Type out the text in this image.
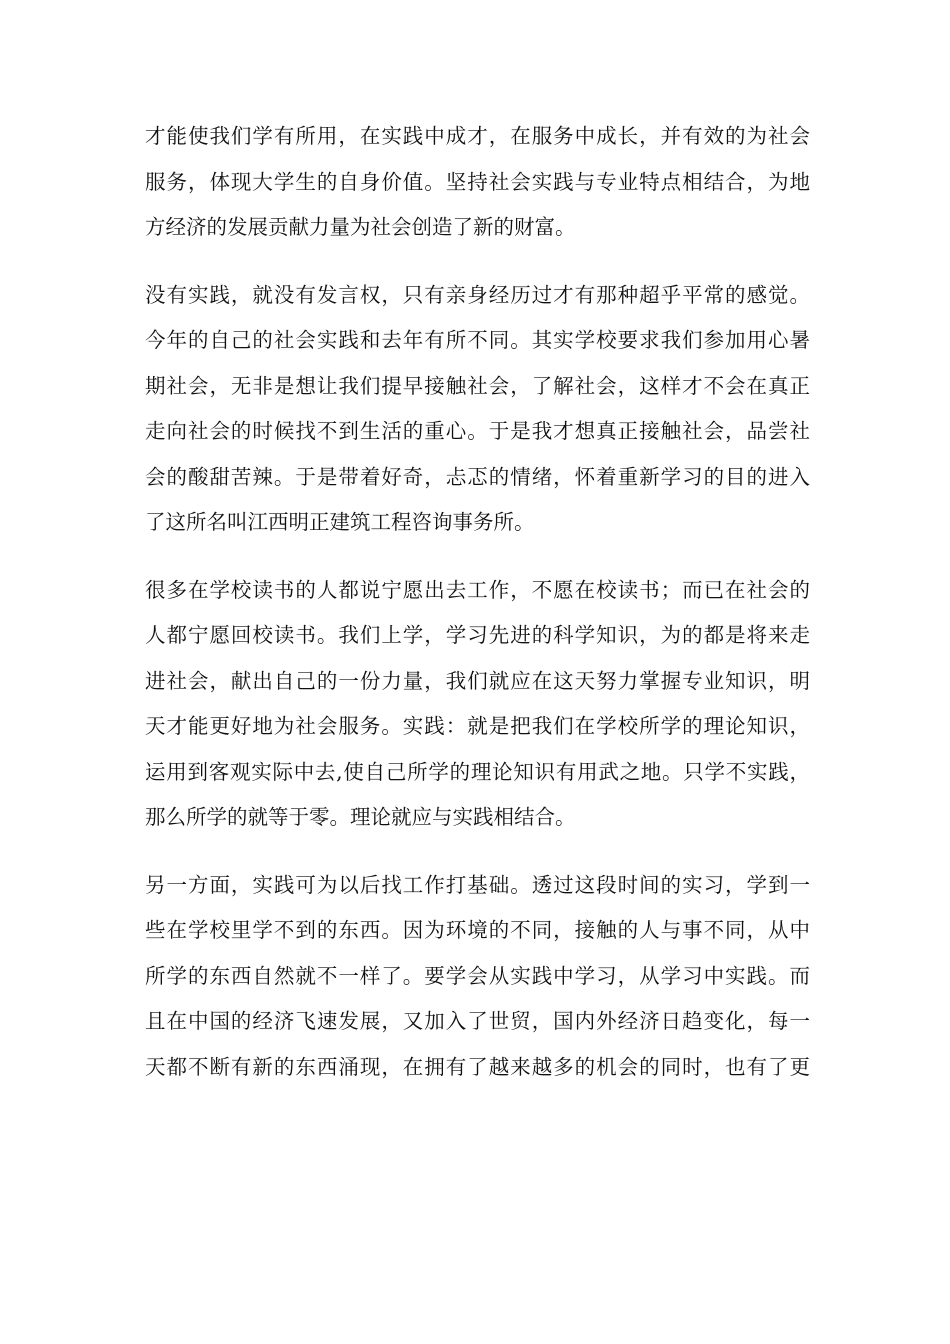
才能使我们学有所用，在实践中成才，在服务中成长，并有效的为社会
服务，体现大学生的自身价值。坚持社会实践与专业特点相结合，为地
方经济的发展贡献力量为社会创造了新的财富。

没有实践，就没有发言权，只有亲身经历过才有那种超乎平常的感觉。
今年的自己的社会实践和去年有所不同。其实学校要求我们参加用心暑
期社会，无非是想让我们提早接触社会，了解社会，这样才不会在真正
走向社会的时候找不到生活的重心。于是我才想真正接触社会，品尝社
会的酸甜苦辣。于是带着好奇，忐忑的情绪，怀着重新学习的目的进入
了这所名叫江西明正建筑工程咨询事务所。

很多在学校读书的人都说宁愿出去工作，不愿在校读书；而已在社会的
人都宁愿回校读书。我们上学，学习先进的科学知识，为的都是将来走
进社会，献出自己的一份力量，我们就应在这天努力掌握专业知识，明
天才能更好地为社会服务。实践：就是把我们在学校所学的理论知识，
运用到客观实际中去,使自己所学的理论知识有用武之地。只学不实践，
那么所学的就等于零。理论就应与实践相结合。

另一方面，实践可为以后找工作打基础。透过这段时间的实习，学到一
些在学校里学不到的东西。因为环境的不同，接触的人与事不同，从中
所学的东西自然就不一样了。要学会从实践中学习，从学习中实践。而
且在中国的经济飞速发展，又加入了世贸，国内外经济日趋变化，每一
天都不断有新的东西涌现，在拥有了越来越多的机会的同时，也有了更
